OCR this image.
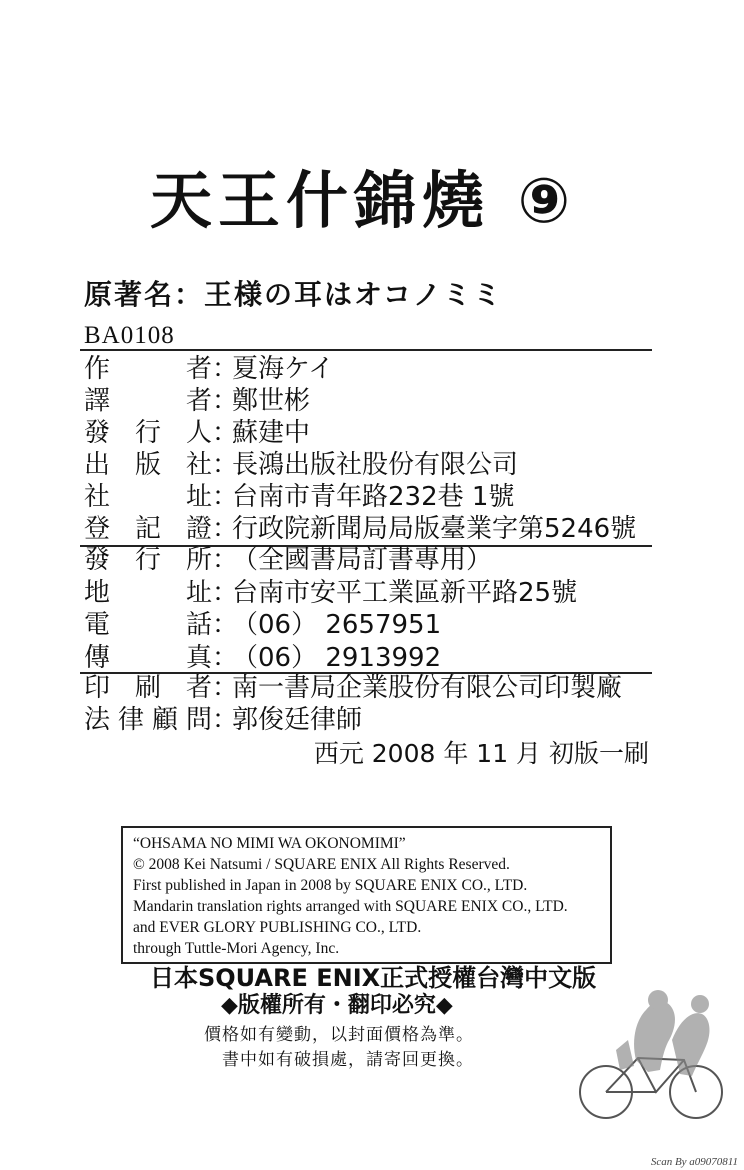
天王什錦燒 ⑨
原著名：王様の耳はオコノミミ
BA0108
作	者 ：
夏海ケイ
譯	者 ：
鄭世彬
發 行 人 ：
蘇建中
出 版 社 ：
長鴻出版社股份有限公司
社	址 ：
台南市青年路232巷 1號
登 記 證 ：
行政院新聞局局版臺業字第5246號
發 行 所 ：
（全國書局訂書專用）
地	址 ：
台南市安平工業區新平路25號
電	話 ：
（06） 2657951
傳	真 ：
（06） 2913992
印 刷 者 ：
南一書局企業股份有限公司印製廠
法 律 顧 問 ：
郭俊廷律師
西元 2008 年 11 月 初版一刷
“OHSAMA NO MIMI WA OKONOMIMI”
© 2008 Kei Natsumi / SQUARE ENIX All Rights Reserved.
First published in Japan in 2008 by SQUARE ENIX CO., LTD.
Mandarin translation rights arranged with SQUARE ENIX CO., LTD.
and EVER GLORY PUBLISHING CO., LTD.
through Tuttle-Mori Agency, Inc.
日本SQUARE ENIX正式授權台灣中文版
◆版權所有・翻印必究◆
價格如有變動，以封面價格為準。
書中如有破損處，請寄回更換。
Scan By a09070811
